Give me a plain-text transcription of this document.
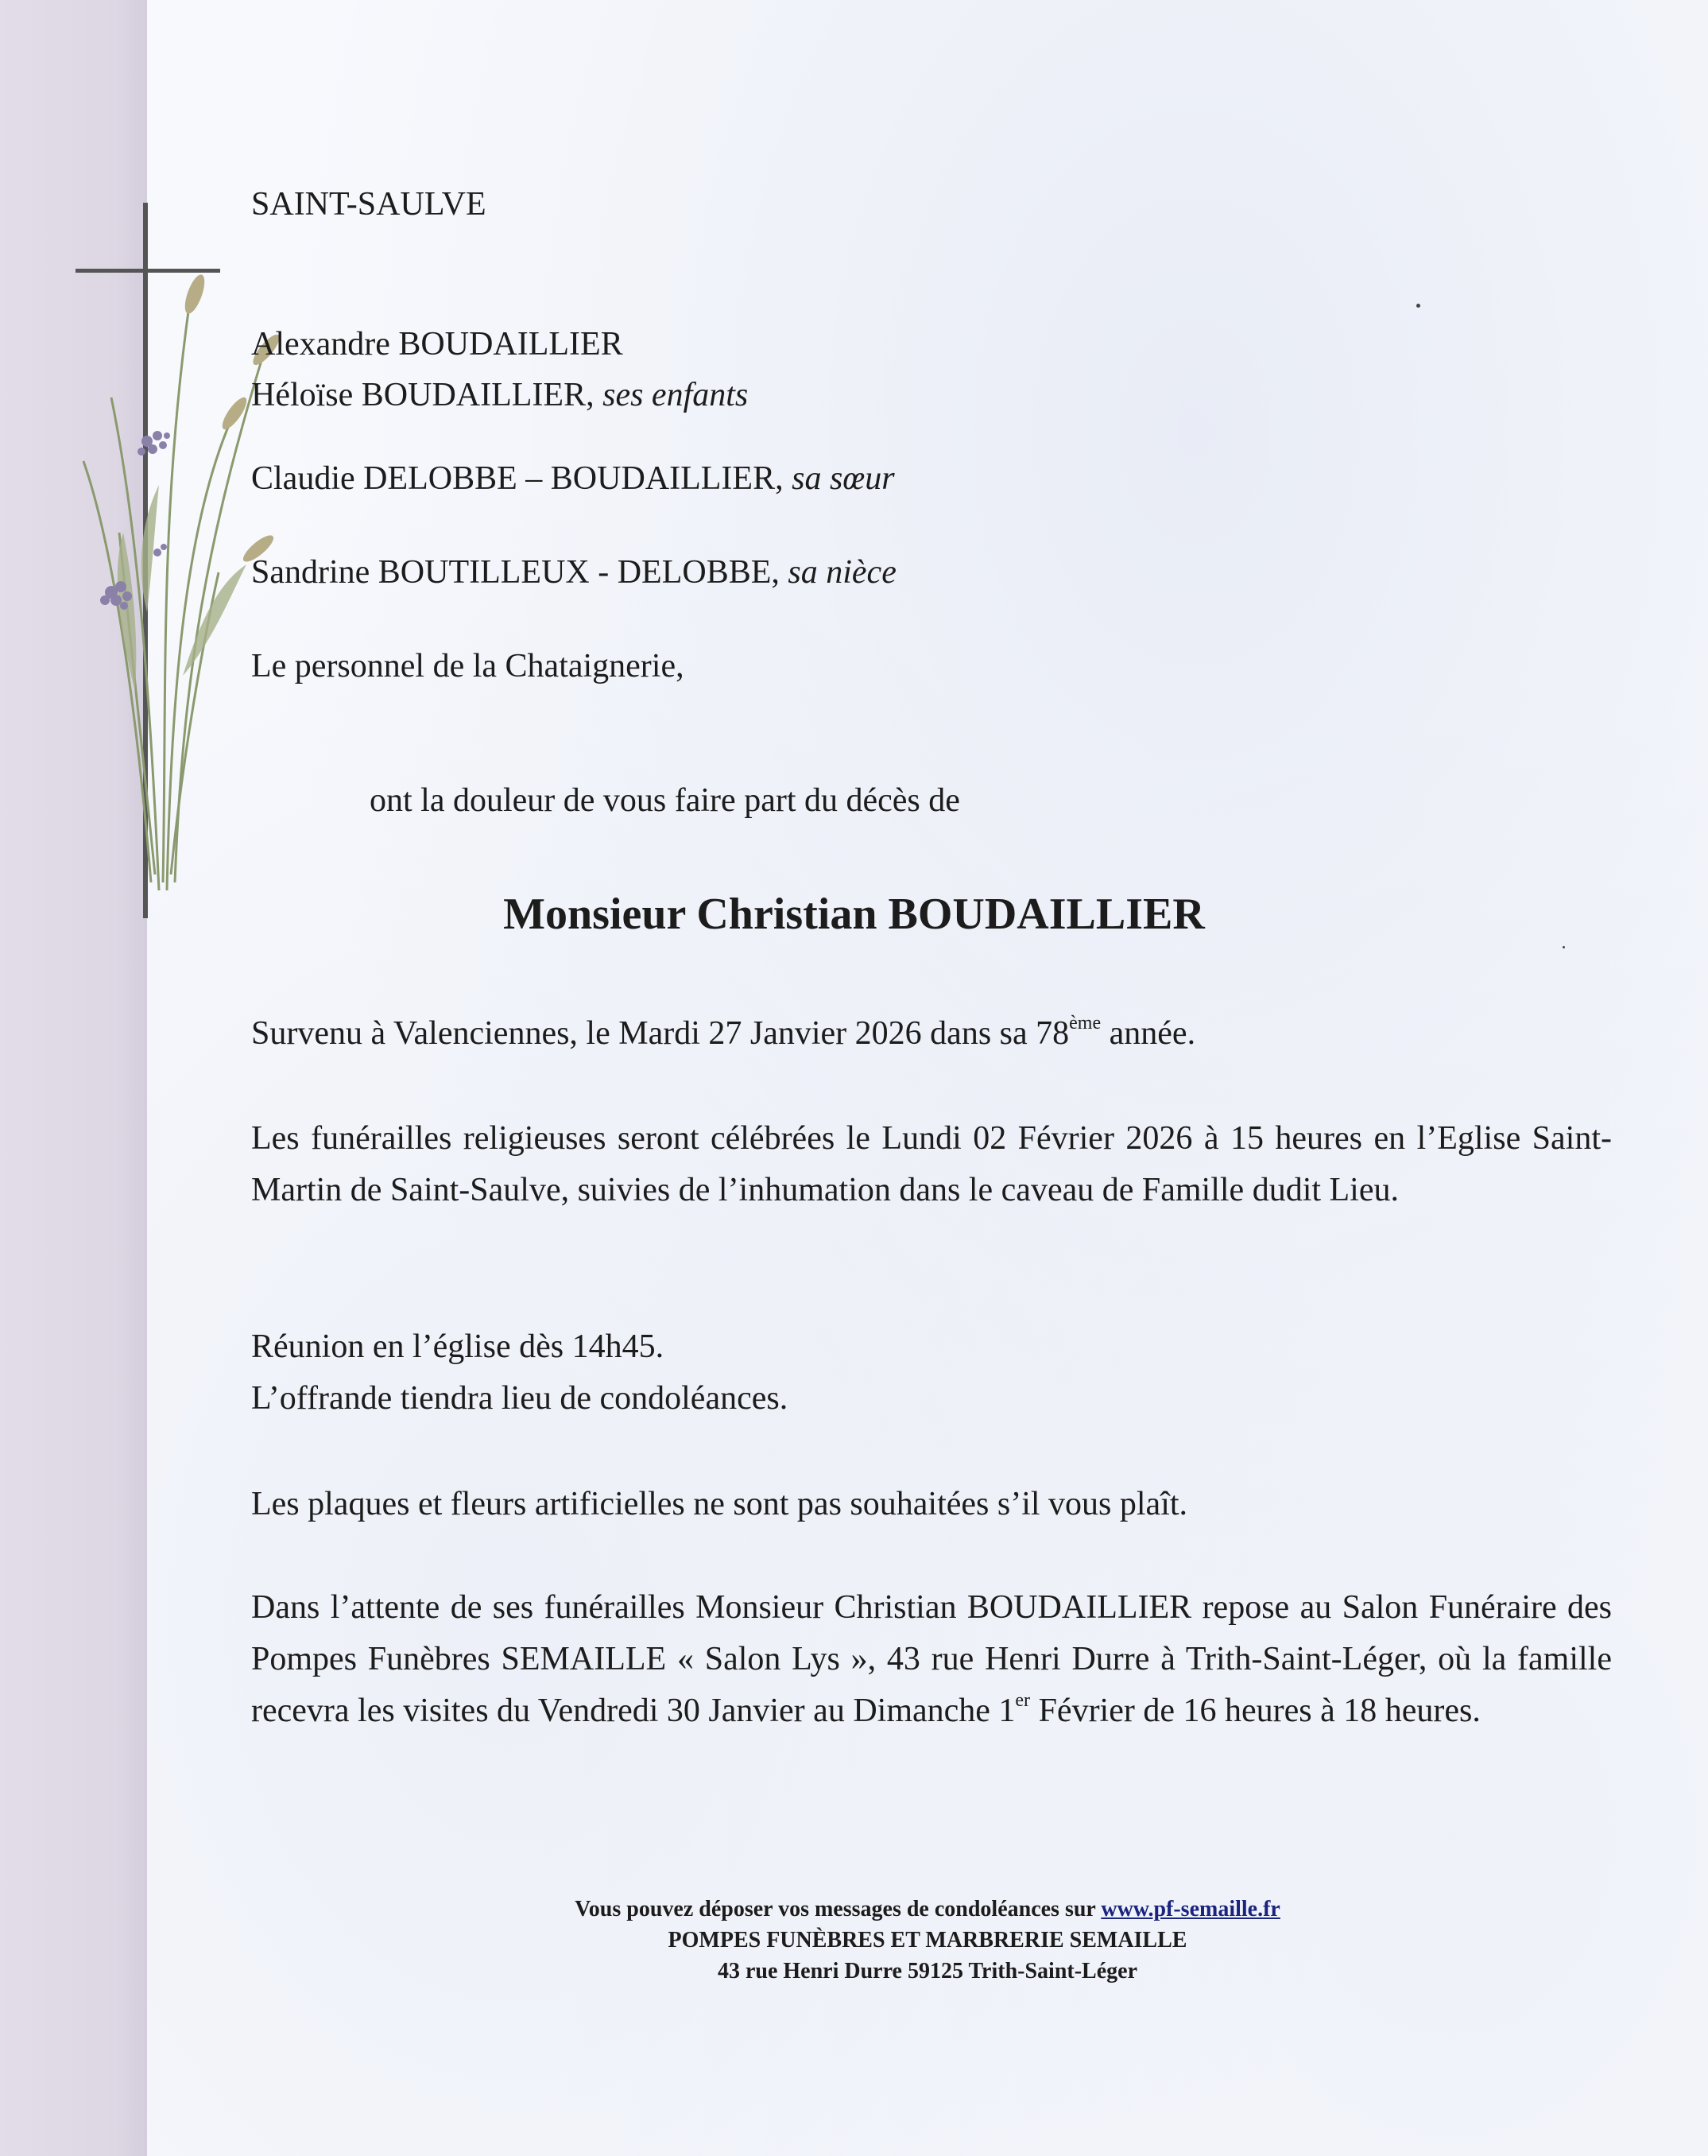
SAINT-SAULVE
Alexandre BOUDAILLIER
Héloïse BOUDAILLIER, ses enfants
Claudie DELOBBE – BOUDAILLIER, sa sœur
Sandrine BOUTILLEUX - DELOBBE, sa nièce
Le personnel de la Chataignerie,

ont la douleur de vous faire part du décès de

Monsieur Christian BOUDAILLIER

Survenu à Valenciennes, le Mardi 27 Janvier 2026 dans sa 78ème année.

Les funérailles religieuses seront célébrées le Lundi 02 Février 2026 à 15 heures en l’Eglise Saint-Martin de Saint-Saulve, suivies de l’inhumation dans le caveau de Famille dudit Lieu.

Réunion en l’église dès 14h45.
L’offrande tiendra lieu de condoléances.

Les plaques et fleurs artificielles ne sont pas souhaitées s’il vous plaît.

Dans l’attente de ses funérailles Monsieur Christian BOUDAILLIER repose au Salon Funéraire des Pompes Funèbres SEMAILLE « Salon Lys », 43 rue Henri Durre à Trith-Saint-Léger, où la famille recevra les visites du Vendredi 30 Janvier au Dimanche 1er Février de 16 heures à 18 heures.

Vous pouvez déposer vos messages de condoléances sur www.pf-semaille.fr
POMPES FUNÈBRES ET MARBRERIE SEMAILLE
43 rue Henri Durre 59125 Trith-Saint-Léger
